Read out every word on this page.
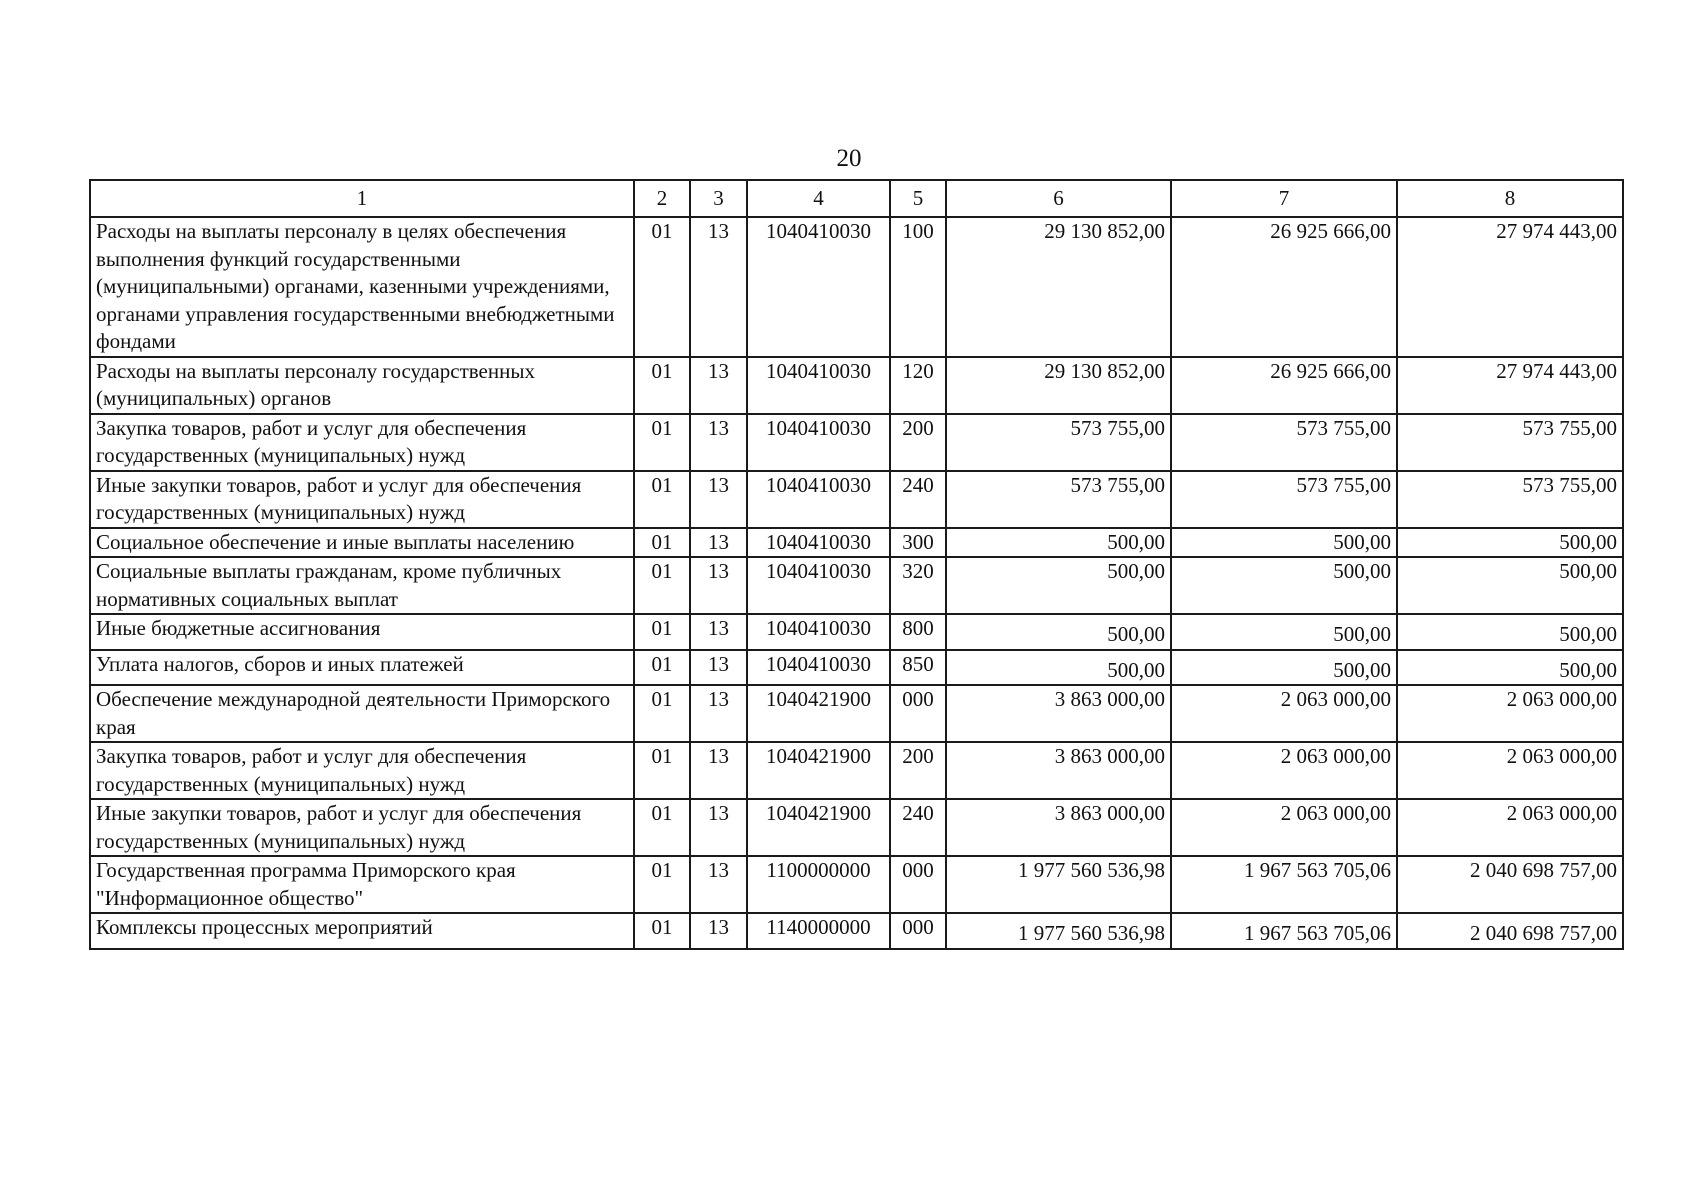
20
1	2	3	4	5	6	7	8
Расходы на выплаты персоналу в целях обеспечения выполнения функций государственными (муниципальными) органами, казенными учреждениями, органами управления государственными внебюджетными фондами	01	13	1040410030	100	29 130 852,00	26 925 666,00	27 974 443,00
Расходы на выплаты персоналу государственных (муниципальных) органов	01	13	1040410030	120	29 130 852,00	26 925 666,00	27 974 443,00
Закупка товаров, работ и услуг для обеспечения государственных (муниципальных) нужд	01	13	1040410030	200	573 755,00	573 755,00	573 755,00
Иные закупки товаров, работ и услуг для обеспечения государственных (муниципальных) нужд	01	13	1040410030	240	573 755,00	573 755,00	573 755,00
Социальное обеспечение и иные выплаты населению	01	13	1040410030	300	500,00	500,00	500,00
Социальные выплаты гражданам, кроме публичных нормативных социальных выплат	01	13	1040410030	320	500,00	500,00	500,00
Иные бюджетные ассигнования	01	13	1040410030	800	500,00	500,00	500,00
Уплата налогов, сборов и иных платежей	01	13	1040410030	850	500,00	500,00	500,00
Обеспечение международной деятельности Приморского края	01	13	1040421900	000	3 863 000,00	2 063 000,00	2 063 000,00
Закупка товаров, работ и услуг для обеспечения государственных (муниципальных) нужд	01	13	1040421900	200	3 863 000,00	2 063 000,00	2 063 000,00
Иные закупки товаров, работ и услуг для обеспечения государственных (муниципальных) нужд	01	13	1040421900	240	3 863 000,00	2 063 000,00	2 063 000,00
Государственная программа Приморского края "Информационное общество"	01	13	1100000000	000	1 977 560 536,98	1 967 563 705,06	2 040 698 757,00
Комплексы процессных мероприятий	01	13	1140000000	000	1 977 560 536,98	1 967 563 705,06	2 040 698 757,00
